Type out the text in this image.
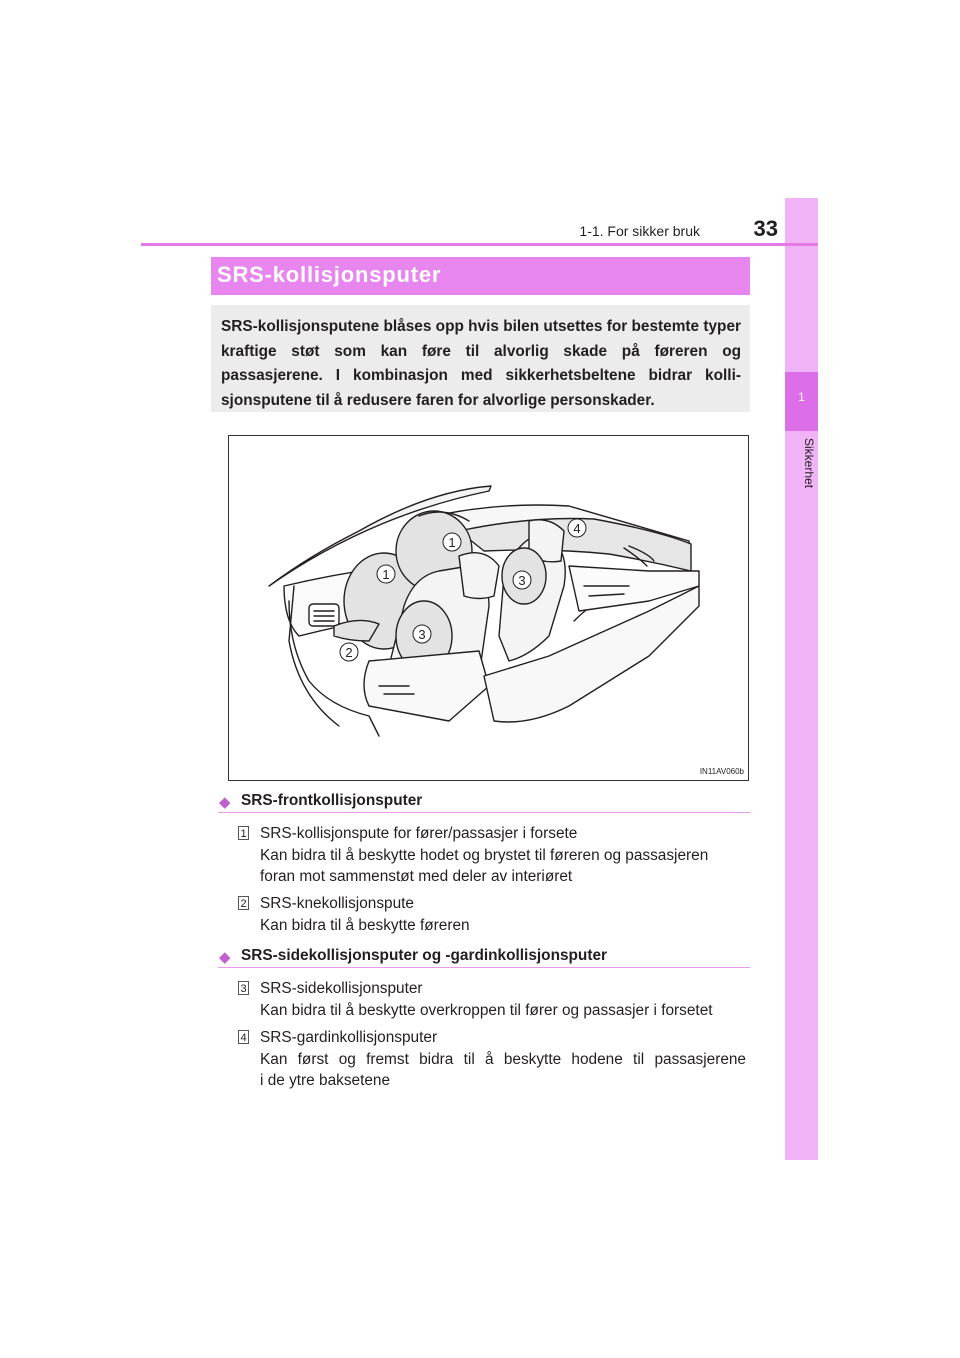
1
Sikkerhet
1-1. For sikker bruk	33
SRS-kollisjonsputer
SRS-kollisjonsputene blåses opp hvis bilen utsettes for bestemte typer kraftige støt som kan føre til alvorlig skade på føreren og passasjerene. I kombinasjon med sikkerhetsbeltene bidrar kollisjonsputene til å redusere faren for alvorlige personskader.
1
1
2
3
3
4
IN11AV060b
◆ SRS-frontkollisjonsputer
1 SRS-kollisjonspute for fører/passasjer i forsete
Kan bidra til å beskytte hodet og brystet til føreren og passasjeren
foran mot sammenstøt med deler av interiøret
2 SRS-knekollisjonspute
Kan bidra til å beskytte føreren
◆ SRS-sidekollisjonsputer og -gardinkollisjonsputer
3 SRS-sidekollisjonsputer
Kan bidra til å beskytte overkroppen til fører og passasjer i forsetet
4 SRS-gardinkollisjonsputer
Kan først og fremst bidra til å beskytte hodene til passasjerene
i de ytre baksetene
